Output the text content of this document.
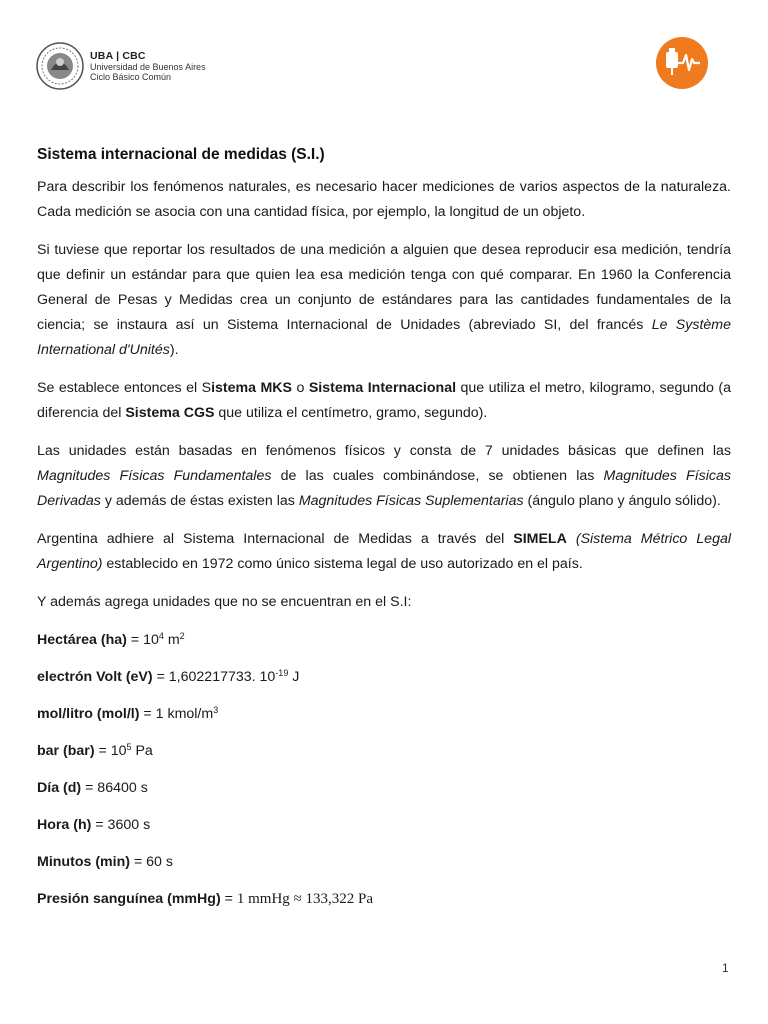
UBA | CBC
Universidad de Buenos Aires
Ciclo Básico Común
Sistema internacional de medidas (S.I.)

Para describir los fenómenos naturales, es necesario hacer mediciones de varios aspectos de la naturaleza. Cada medición se asocia con una cantidad física, por ejemplo, la longitud de un objeto.

Si tuviese que reportar los resultados de una medición a alguien que desea reproducir esa medición, tendría que definir un estándar para que quien lea esa medición tenga con qué comparar. En 1960 la Conferencia General de Pesas y Medidas crea un conjunto de estándares para las cantidades fundamentales de la ciencia; se instaura así un Sistema Internacional de Unidades (abreviado SI, del francés Le Système International d'Unités).

Se establece entonces el Sistema MKS o Sistema Internacional que utiliza el metro, kilogramo, segundo (a diferencia del Sistema CGS que utiliza el centímetro, gramo, segundo).

Las unidades están basadas en fenómenos físicos y consta de 7 unidades básicas que definen las Magnitudes Físicas Fundamentales de las cuales combinándose, se obtienen las Magnitudes Físicas Derivadas y además de éstas existen las Magnitudes Físicas Suplementarias (ángulo plano y ángulo sólido).

Argentina adhiere al Sistema Internacional de Medidas a través del SIMELA (Sistema Métrico Legal Argentino) establecido en 1972 como único sistema legal de uso autorizado en el país.

Y además agrega unidades que no se encuentran en el S.I:

Hectárea $(ha) = 10^4$ $m^2$
electrón Volt (eV) = 1,602217733. $10^{-19}$ J
mol/litro (mol/l) = 1 kmol/$m^3$
bar $(bar) = 10^5$ Pa
Día (d) = 86400 s
Hora (h) = 3600 s
Minutos (min) = 60 s
Presión sanguínea (mmHg) = 1 mmHg ≈ 133,322 Pa
1
